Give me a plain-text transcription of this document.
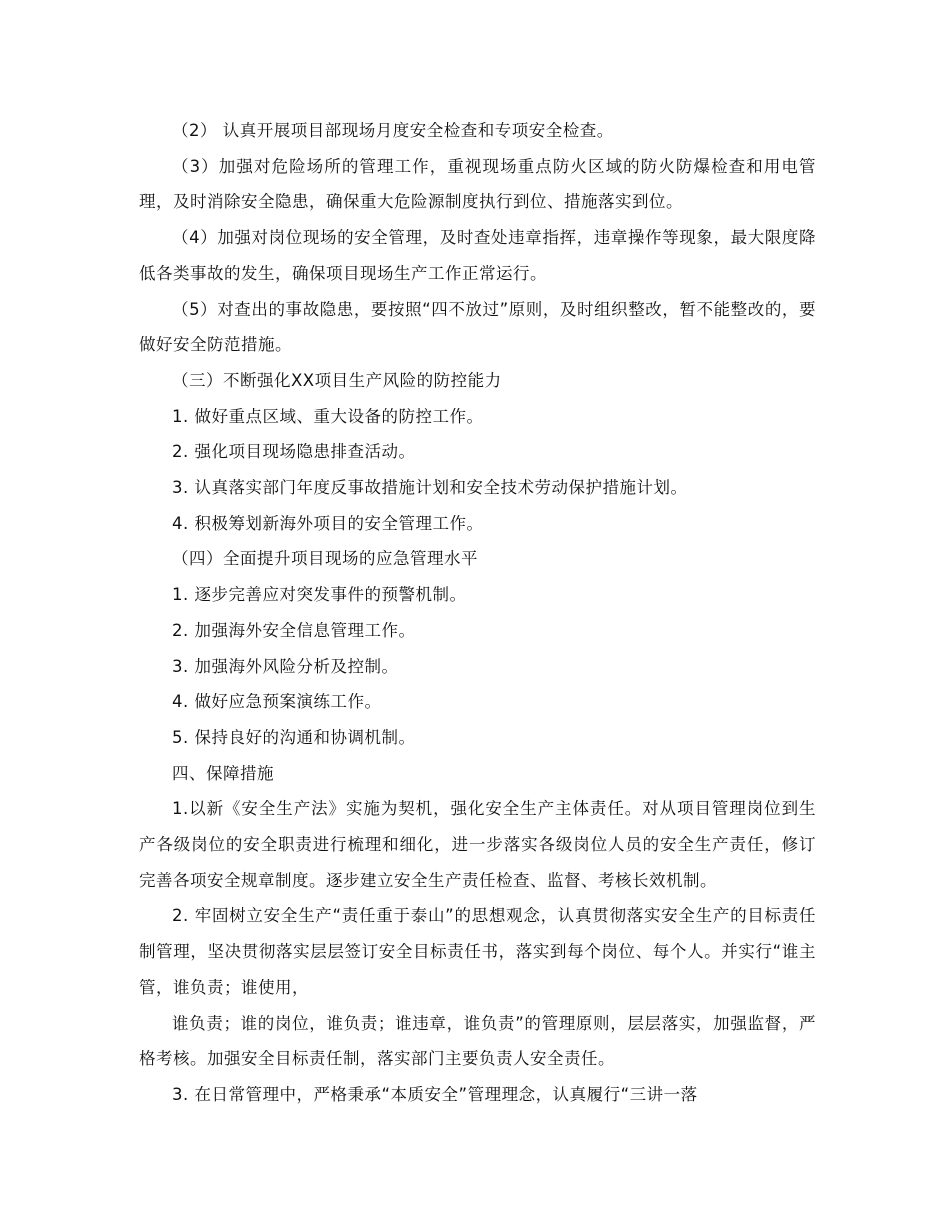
（2） 认真开展项目部现场月度安全检查和专项安全检查。

（3）加强对危险场所的管理工作，重视现场重点防火区域的防火防爆检查和用电管理，及时消除安全隐患，确保重大危险源制度执行到位、措施落实到位。

（4）加强对岗位现场的安全管理，及时查处违章指挥，违章操作等现象，最大限度降低各类事故的发生，确保项目现场生产工作正常运行。

（5）对查出的事故隐患，要按照“四不放过”原则，及时组织整改，暂不能整改的，要做好安全防范措施。

（三）不断强化XX项目生产风险的防控能力

1. 做好重点区域、重大设备的防控工作。

2. 强化项目现场隐患排查活动。

3. 认真落实部门年度反事故措施计划和安全技术劳动保护措施计划。

4. 积极筹划新海外项目的安全管理工作。

（四）全面提升项目现场的应急管理水平

1. 逐步完善应对突发事件的预警机制。

2. 加强海外安全信息管理工作。

3. 加强海外风险分析及控制。

4. 做好应急预案演练工作。

5. 保持良好的沟通和协调机制。

四、保障措施

1.以新《安全生产法》实施为契机，强化安全生产主体责任。对从项目管理岗位到生产各级岗位的安全职责进行梳理和细化，进一步落实各级岗位人员的安全生产责任，修订完善各项安全规章制度。逐步建立安全生产责任检查、监督、考核长效机制。

2. 牢固树立安全生产“责任重于泰山”的思想观念，认真贯彻落实安全生产的目标责任制管理，坚决贯彻落实层层签订安全目标责任书，落实到每个岗位、每个人。并实行“谁主管，谁负责；谁使用，

谁负责；谁的岗位，谁负责；谁违章，谁负责”的管理原则，层层落实，加强监督，严格考核。加强安全目标责任制，落实部门主要负责人安全责任。

3. 在日常管理中，严格秉承“本质安全”管理理念，认真履行“三讲一落
